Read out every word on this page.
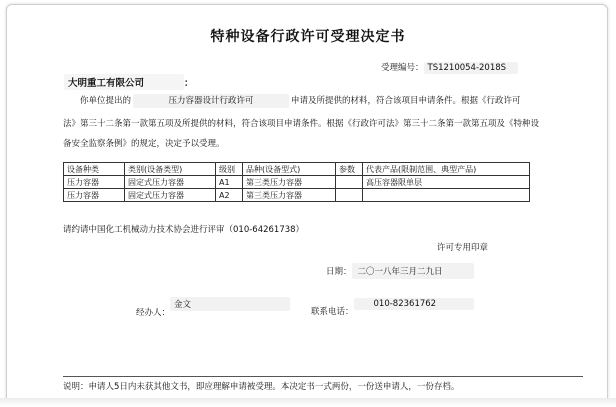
特种设备行政许可受理决定书
受理编号： TS1210054-2018S
大明重工有限公司	：
你单位提出的	压力容器设计行政许可	申请及所提供的材料，符合该项目申请条件。根据《行政许可
法》第三十二条第一款第五项及所提供的材料，符合该项目申请条件。根据《行政许可法》第三十二条第一款第五项及《特种设
备安全监察条例》的规定，决定予以受理。
设备种类	类别(设备类型)	级别	品种(设备型式)	参数	代表产品(限制范围、典型产品)
压力容器	固定式压力容器	A1	第三类压力容器		高压容器限单层
压力容器	固定式压力容器	A2	第三类压力容器		
请约请中国化工机械动力技术协会进行评审（010-64261738）
许可专用印章
日期： 二〇一八年三月二九日
经办人：金文
联系电话：010-82361762
说明：申请人5日内未获其他文书，即应理解申请被受理。本决定书一式两份，一份送申请人，一份存档。
